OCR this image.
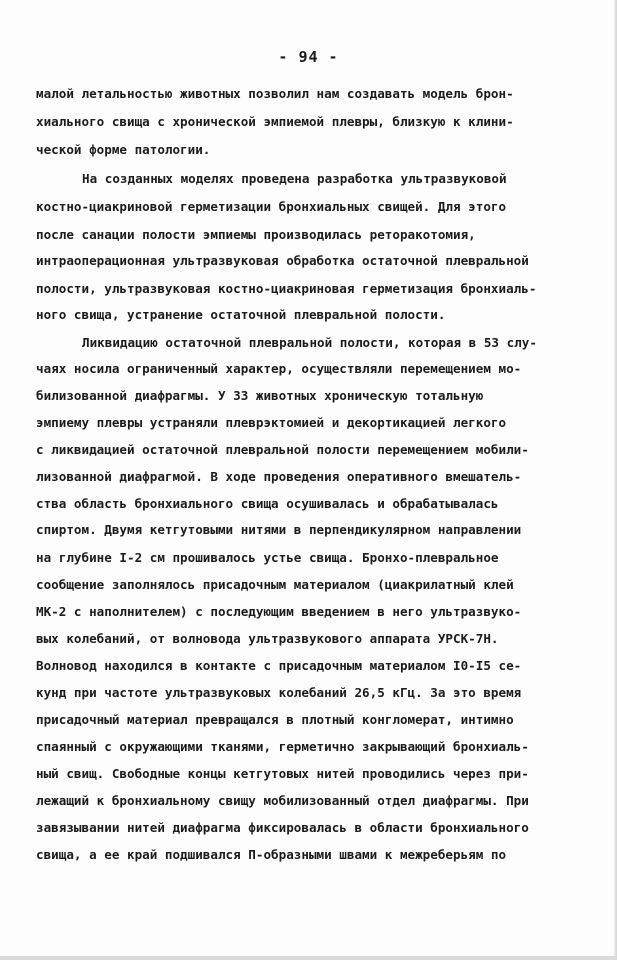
- 94 -
малой летальностью животных позволил нам создавать модель брон-
хиального свища с хронической эмпиемой плевры, близкую к клини-
ческой форме патологии.
На созданных моделях проведена разработка ультразвуковой
костно-циакриновой герметизации бронхиальных свищей. Для этого
после санации полости эмпиемы производилась реторакотомия,
интраоперационная ультразвуковая обработка остаточной плевральной
полости, ультразвуковая костно-циакриновая герметизация бронхиаль-
ного свища, устранение остаточной плевральной полости.
Ликвидацию остаточной плевральной полости, которая в 53 слу-
чаях носила ограниченный характер, осуществляли перемещением мо-
билизованной диафрагмы. У 33 животных хроническую тотальную
эмпиему плевры устраняли плеврэктомией и декортикацией легкого
с ликвидацией остаточной плевральной полости перемещением мобили-
лизованной диафрагмой. В ходе проведения оперативного вмешатель-
ства область бронхиального свища осушивалась и обрабатывалась
спиртом. Двумя кетгутовыми нитями в перпендикулярном направлении
на глубине I-2 см прошивалось устье свища. Бронхо-плевральное
сообщение заполнялось присадочным материалом (циакрилатный клей
МК-2 с наполнителем) с последующим введением в него ультразвуко-
вых колебаний, от волновода ультразвукового аппарата УРСК-7Н.
Волновод находился в контакте с присадочным материалом I0-I5 се-
кунд при частоте ультразвуковых колебаний 26,5 кГц. За это время
присадочный материал превращался в плотный конгломерат, интимно
спаянный с окружающими тканями, герметично закрывающий бронхиаль-
ный свищ. Свободные концы кетгутовых нитей проводились через при-
лежащий к бронхиальному свищу мобилизованный отдел диафрагмы. При
завязывании нитей диафрагма фиксировалась в области бронхиального
свища, а ее край подшивался П-образными швами к межреберьям по
